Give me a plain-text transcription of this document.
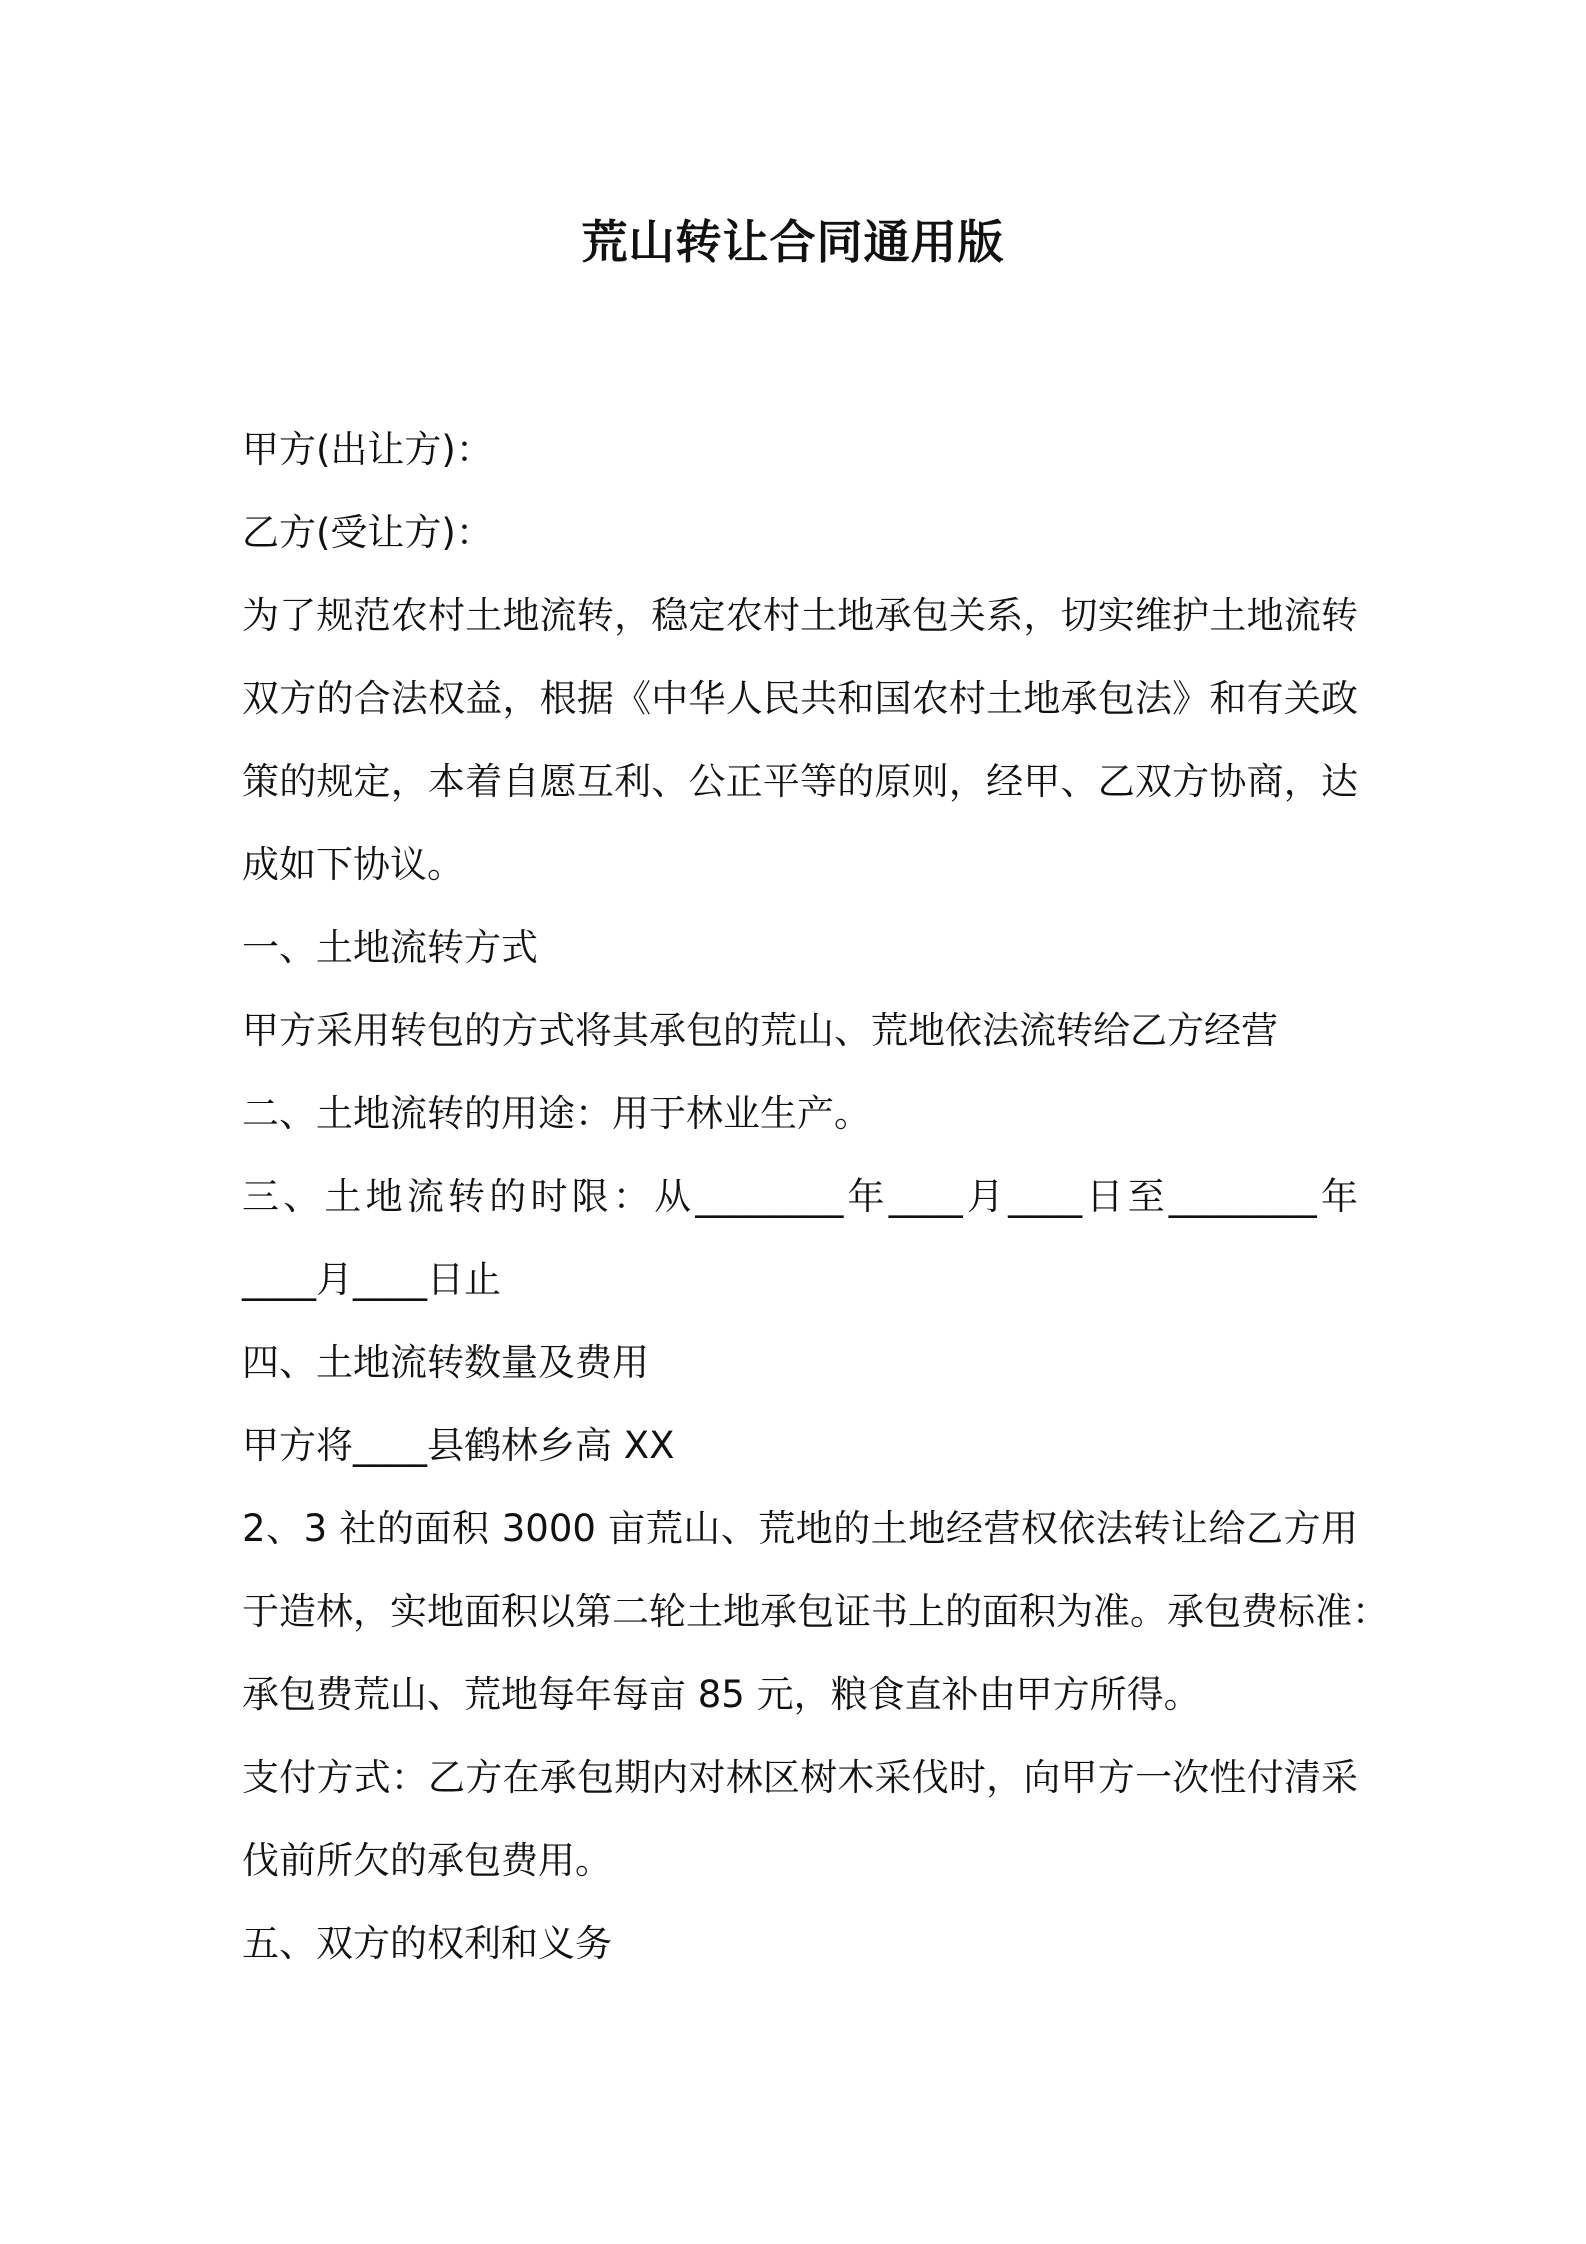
荒山转让合同通用版
甲方(出让方)：
乙方(受让方)：
为了规范农村土地流转，稳定农村土地承包关系，切实维护土地流转
双方的合法权益，根据《中华人民共和国农村土地承包法》和有关政
策的规定，本着自愿互利、公正平等的原则，经甲、乙双方协商，达
成如下协议。
一、土地流转方式
甲方采用转包的方式将其承包的荒山、荒地依法流转给乙方经营
二、土地流转的用途：用于林业生产。
三、土地流转的时限：从________年____月____日至________年
____月____日止
四、土地流转数量及费用
甲方将____县鹤林乡高 XX
2、3 社的面积 3000 亩荒山、荒地的土地经营权依法转让给乙方用
于造林，实地面积以第二轮土地承包证书上的面积为准。承包费标准：
承包费荒山、荒地每年每亩 85 元，粮食直补由甲方所得。
支付方式：乙方在承包期内对林区树木采伐时，向甲方一次性付清采
伐前所欠的承包费用。
五、双方的权利和义务
